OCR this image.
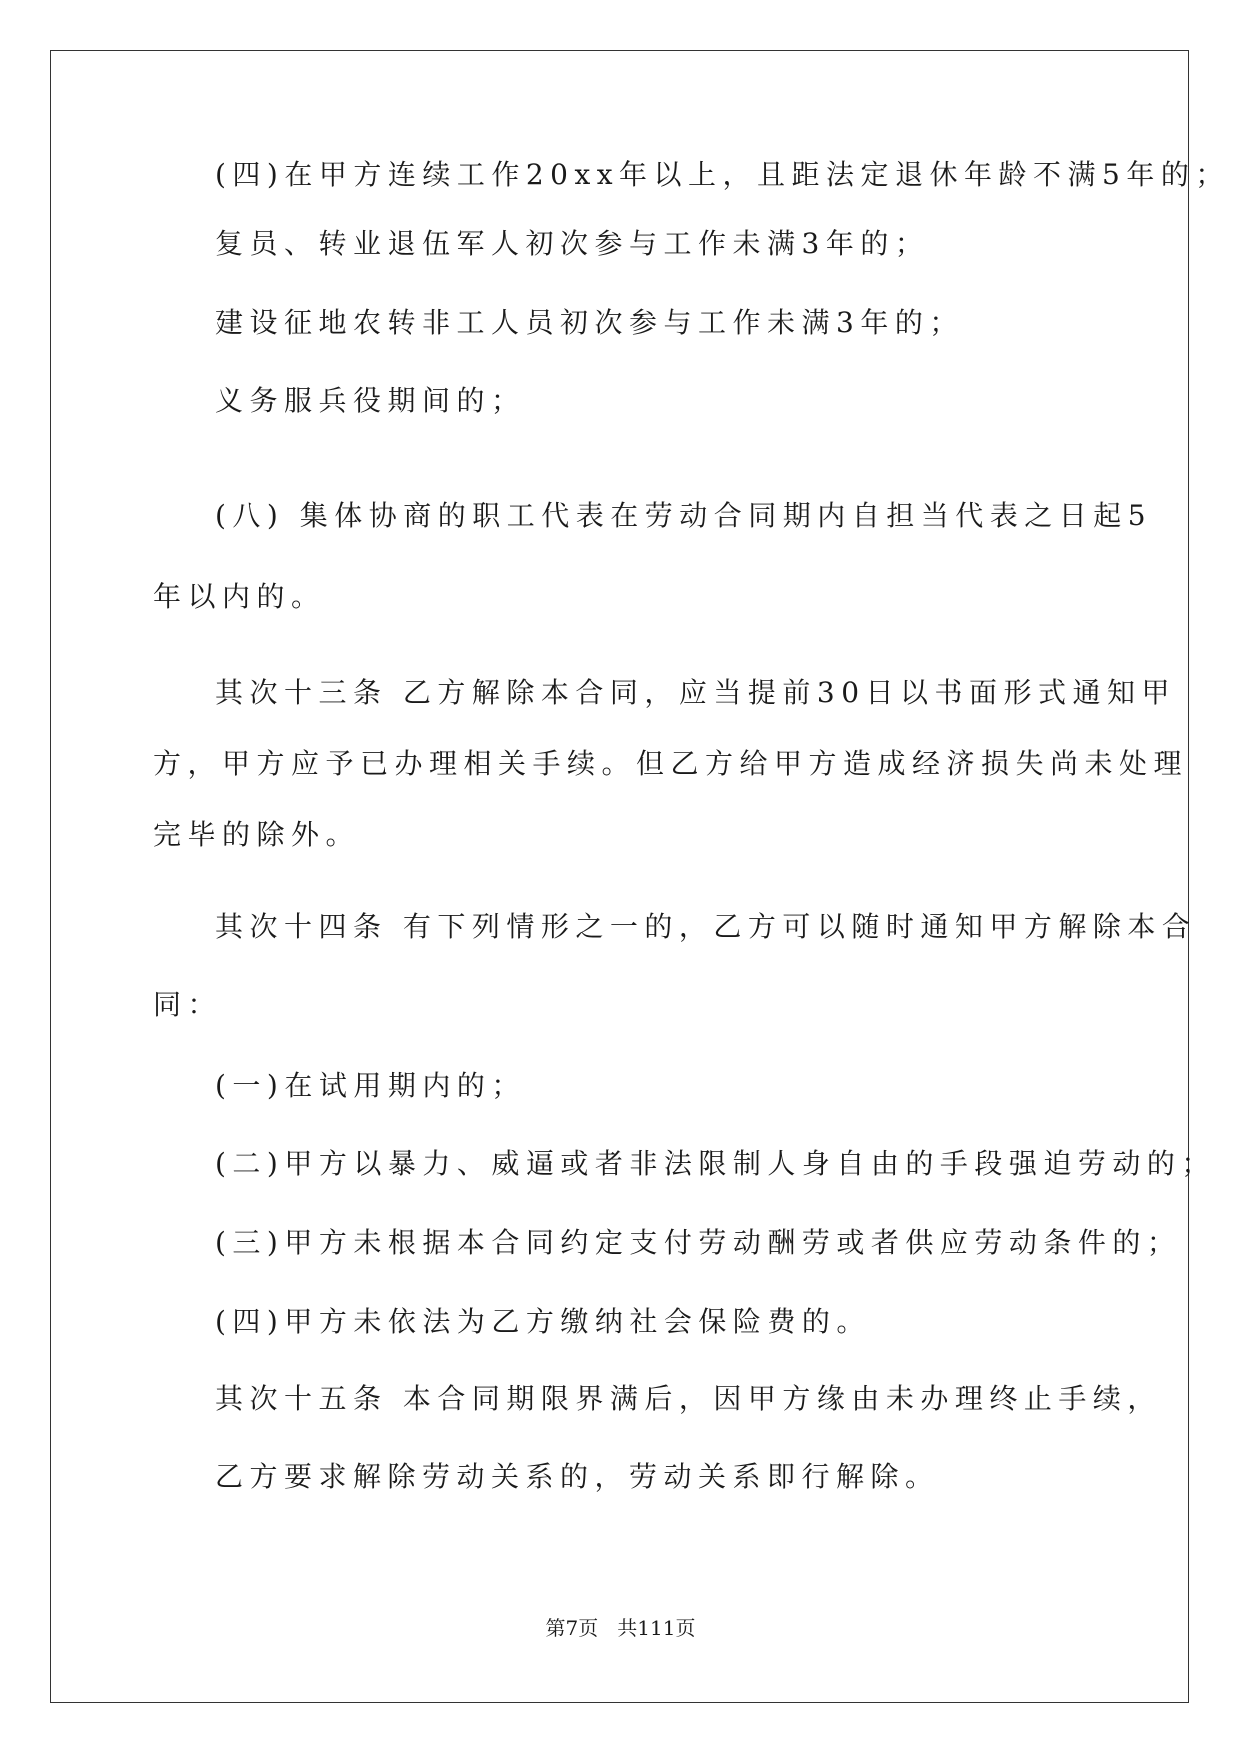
(四)在甲方连续工作20xx年以上，且距法定退休年龄不满5年的；
复员、转业退伍军人初次参与工作未满3年的；
建设征地农转非工人员初次参与工作未满3年的；
义务服兵役期间的；
(八) 集体协商的职工代表在劳动合同期内自担当代表之日起5
年以内的。
其次十三条 乙方解除本合同，应当提前30日以书面形式通知甲
方，甲方应予已办理相关手续。但乙方给甲方造成经济损失尚未处理
完毕的除外。
其次十四条 有下列情形之一的，乙方可以随时通知甲方解除本合
同：
(一)在试用期内的；
(二)甲方以暴力、威逼或者非法限制人身自由的手段强迫劳动的；
(三)甲方未根据本合同约定支付劳动酬劳或者供应劳动条件的；
(四)甲方未依法为乙方缴纳社会保险费的。
其次十五条 本合同期限界满后，因甲方缘由未办理终止手续，
乙方要求解除劳动关系的，劳动关系即行解除。
第7页   共111页
